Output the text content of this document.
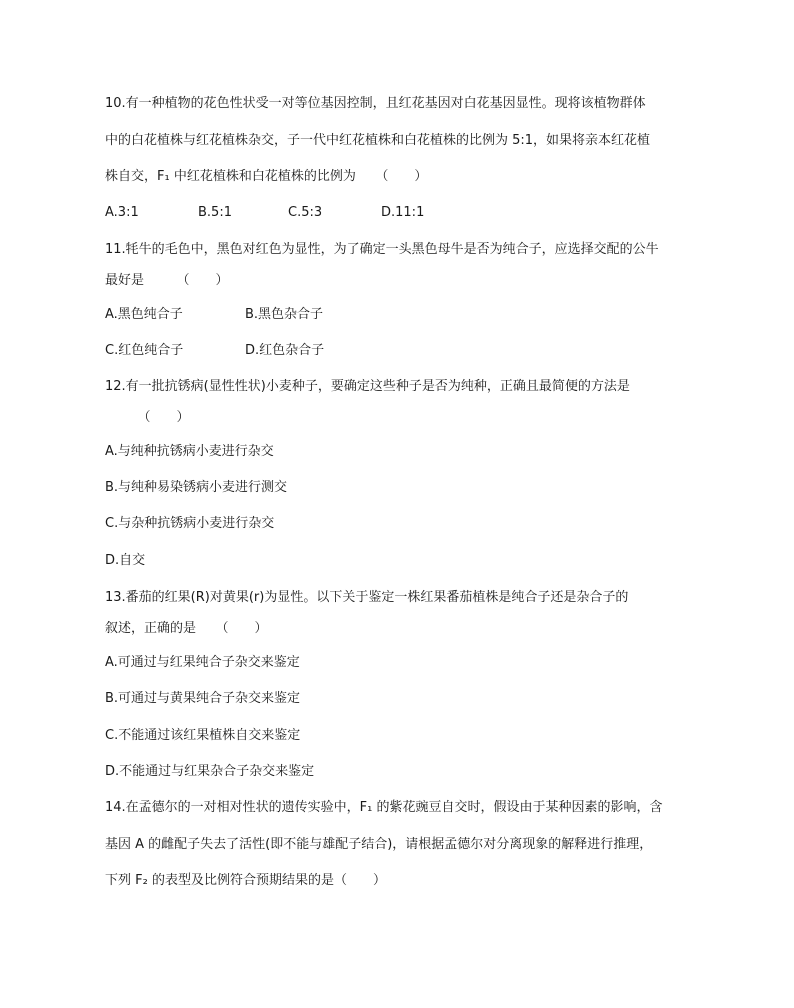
10.有一种植物的花色性状受一对等位基因控制，且红花基因对白花基因显性。现将该植物群体
中的白花植株与红花植株杂交，子一代中红花植株和白花植株的比例为 5:1，如果将亲本红花植
株自交，F₁ 中红花植株和白花植株的比例为　　（　　）
A.3:1	B.5:1	C.5:3	D.11:1
11.牦牛的毛色中，黑色对红色为显性，为了确定一头黑色母牛是否为纯合子，应选择交配的公牛
最好是　　　（　　）
A.黑色纯合子	B.黑色杂合子
C.红色纯合子	D.红色杂合子
12.有一批抗锈病(显性性状)小麦种子，要确定这些种子是否为纯种，正确且最简便的方法是
　　　（　　）
A.与纯种抗锈病小麦进行杂交
B.与纯种易染锈病小麦进行测交
C.与杂种抗锈病小麦进行杂交
D.自交
13.番茄的红果(R)对黄果(r)为显性。以下关于鉴定一株红果番茄植株是纯合子还是杂合子的
叙述，正确的是　　（　　）
A.可通过与红果纯合子杂交来鉴定
B.可通过与黄果纯合子杂交来鉴定
C.不能通过该红果植株自交来鉴定
D.不能通过与红果杂合子杂交来鉴定
14.在孟德尔的一对相对性状的遗传实验中，F₁ 的紫花豌豆自交时，假设由于某种因素的影响，含
基因 A 的雌配子失去了活性(即不能与雄配子结合)，请根据孟德尔对分离现象的解释进行推理，
下列 F₂ 的表型及比例符合预期结果的是（　　）
